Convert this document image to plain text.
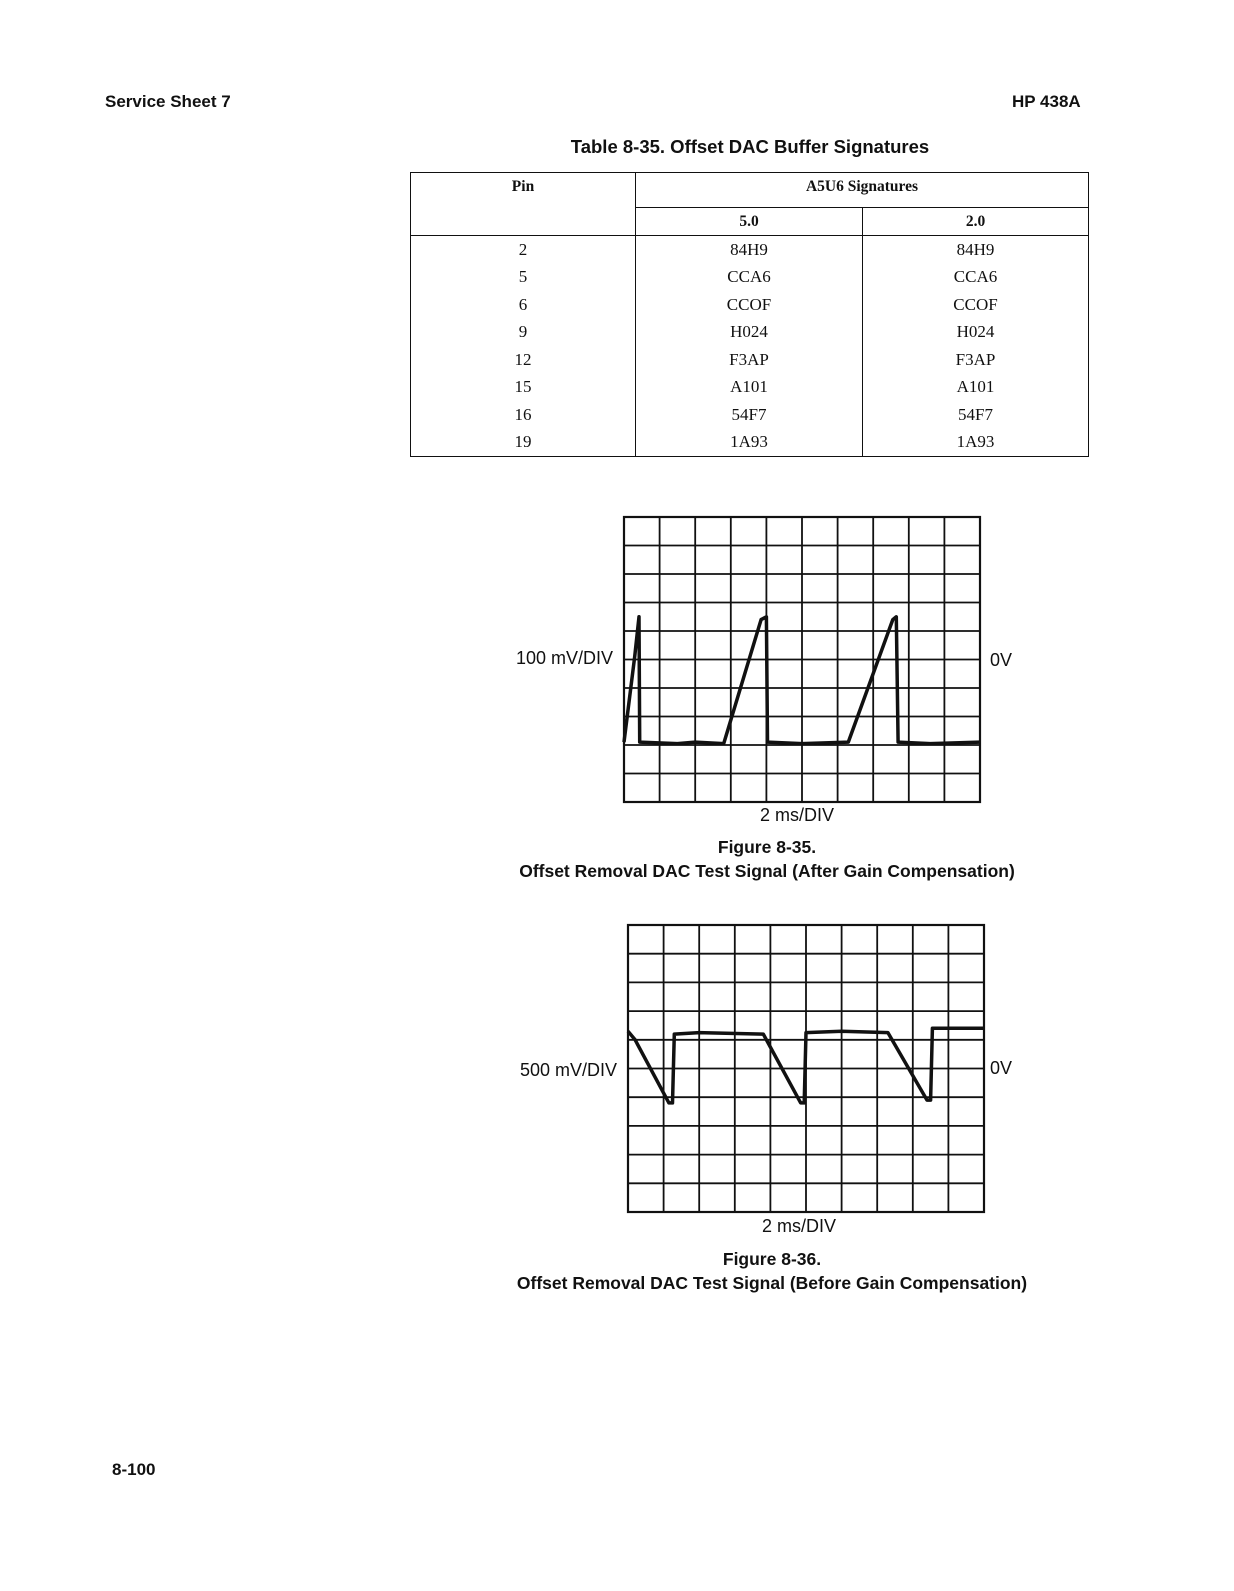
Service Sheet 7	HP 438A
Table 8-35. Offset DAC Buffer Signatures
Pin	A5U6 Signatures	
	5.0	2.0
2	84H9	84H9
5	CCA6	CCA6
6	CCOF	CCOF
9	H024	H024
12	F3AP	F3AP
15	A101	A101
16	54F7	54F7
19	1A93	1A93
100 mV/DIV	0V
2 ms/DIV
Figure 8-35.
Offset Removal DAC Test Signal (After Gain Compensation)
500 mV/DIV	0V
2 ms/DIV
Figure 8-36.
Offset Removal DAC Test Signal (Before Gain Compensation)
8-100
